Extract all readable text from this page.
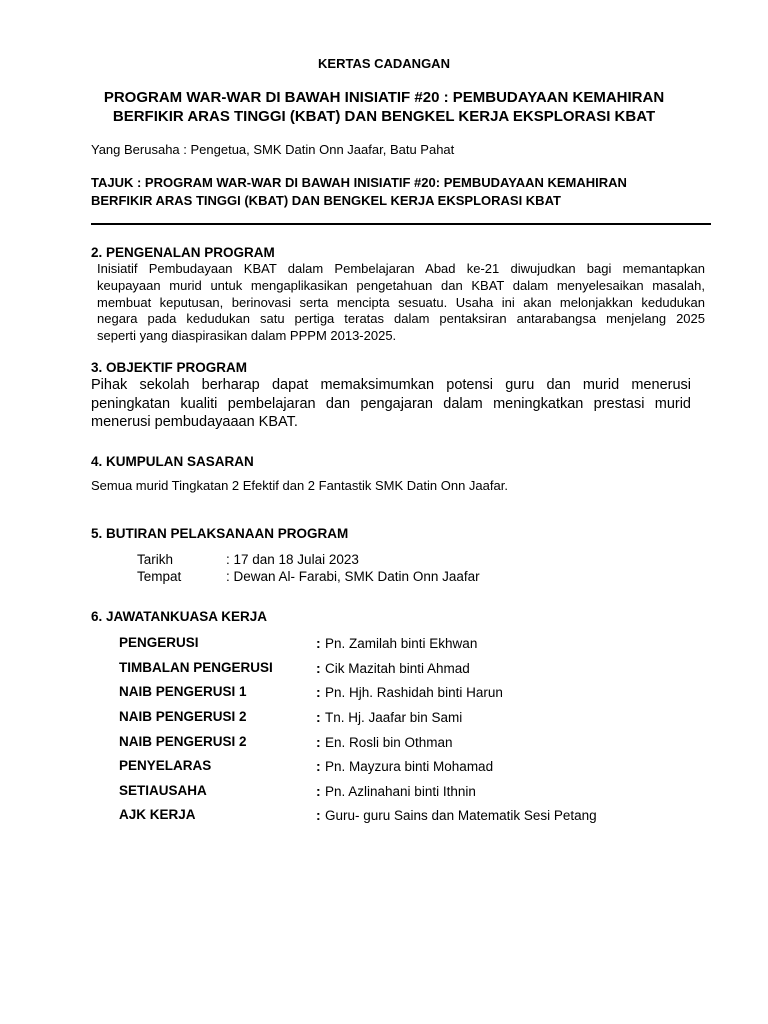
KERTAS CADANGAN
PROGRAM WAR-WAR DI BAWAH INISIATIF #20 : PEMBUDAYAAN KEMAHIRAN
BERFIKIR ARAS TINGGI (KBAT) DAN BENGKEL KERJA EKSPLORASI KBAT
Yang Berusaha : Pengetua, SMK Datin Onn Jaafar, Batu Pahat
TAJUK : PROGRAM WAR-WAR DI BAWAH INISIATIF #20: PEMBUDAYAAN KEMAHIRAN
BERFIKIR ARAS TINGGI (KBAT) DAN BENGKEL KERJA EKSPLORASI KBAT
2. PENGENALAN PROGRAM
Inisiatif Pembudayaan KBAT dalam Pembelajaran Abad ke-21 diwujudkan bagi memantapkan
keupayaan murid untuk mengaplikasikan pengetahuan dan KBAT dalam menyelesaikan masalah,
membuat keputusan, berinovasi serta mencipta sesuatu. Usaha ini akan melonjakkan kedudukan
negara pada kedudukan satu pertiga teratas dalam pentaksiran antarabangsa menjelang 2025
seperti yang diaspirasikan dalam PPPM 2013-2025.
3. OBJEKTIF PROGRAM
Pihak sekolah berharap dapat memaksimumkan potensi guru dan murid menerusi
peningkatan kualiti pembelajaran dan pengajaran dalam meningkatkan prestasi murid
menerusi pembudayaaan KBAT.
4. KUMPULAN SASARAN
Semua murid Tingkatan 2 Efektif dan 2 Fantastik SMK Datin Onn Jaafar.
5. BUTIRAN PELAKSANAAN PROGRAM
Tarikh	: 17 dan 18 Julai 2023
Tempat	: Dewan Al- Farabi, SMK Datin Onn Jaafar
6. JAWATANKUASA KERJA
PENGERUSI	: Pn. Zamilah binti Ekhwan
TIMBALAN PENGERUSI	: Cik Mazitah binti Ahmad
NAIB PENGERUSI 1	: Pn. Hjh. Rashidah binti Harun
NAIB PENGERUSI 2	: Tn. Hj. Jaafar bin Sami
NAIB PENGERUSI 2	: En. Rosli bin Othman
PENYELARAS	: Pn. Mayzura binti Mohamad
SETIAUSAHA	: Pn. Azlinahani binti Ithnin
AJK KERJA	: Guru- guru Sains dan Matematik Sesi Petang
